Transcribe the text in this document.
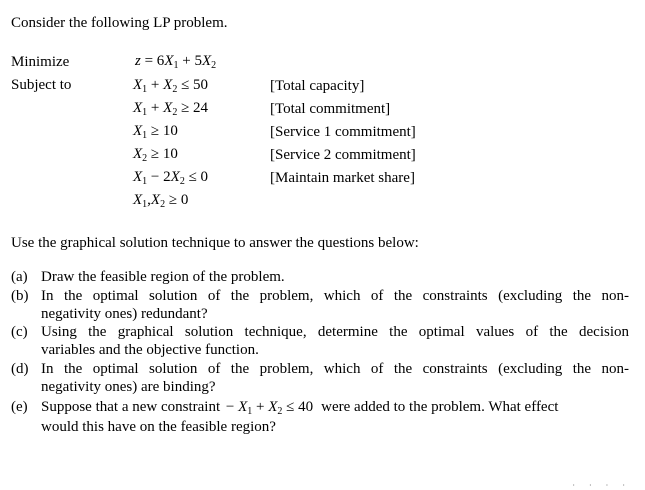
Consider the following LP problem.
Minimize
Subject to
$z = 6X_1 + 5X_2$
$X_1 + X_2 \le 50$
$X_1 + X_2 \ge 24$
$X_1 \ge 10$
$X_2 \ge 10$
$X_1 - 2X_2 \le 0$
$X_1,X_2 \ge 0$
[Total capacity]
[Total commitment]
[Service 1 commitment]
[Service 2 commitment]
[Maintain market share]
Use the graphical solution technique to answer the questions below:
(a) Draw the feasible region of the problem.
(b) In the optimal solution of the problem, which of the constraints (excluding the non-
negativity ones) redundant?
(c) Using the graphical solution technique, determine the optimal values of the decision
variables and the objective function.
(d) In the optimal solution of the problem, which of the constraints (excluding the non-
negativity ones) are binding?
(e) Suppose that a new constraint − $X_1 + X_2 \le 40$ were added to the problem. What effect
would this have on the feasible region?
· · · ·
